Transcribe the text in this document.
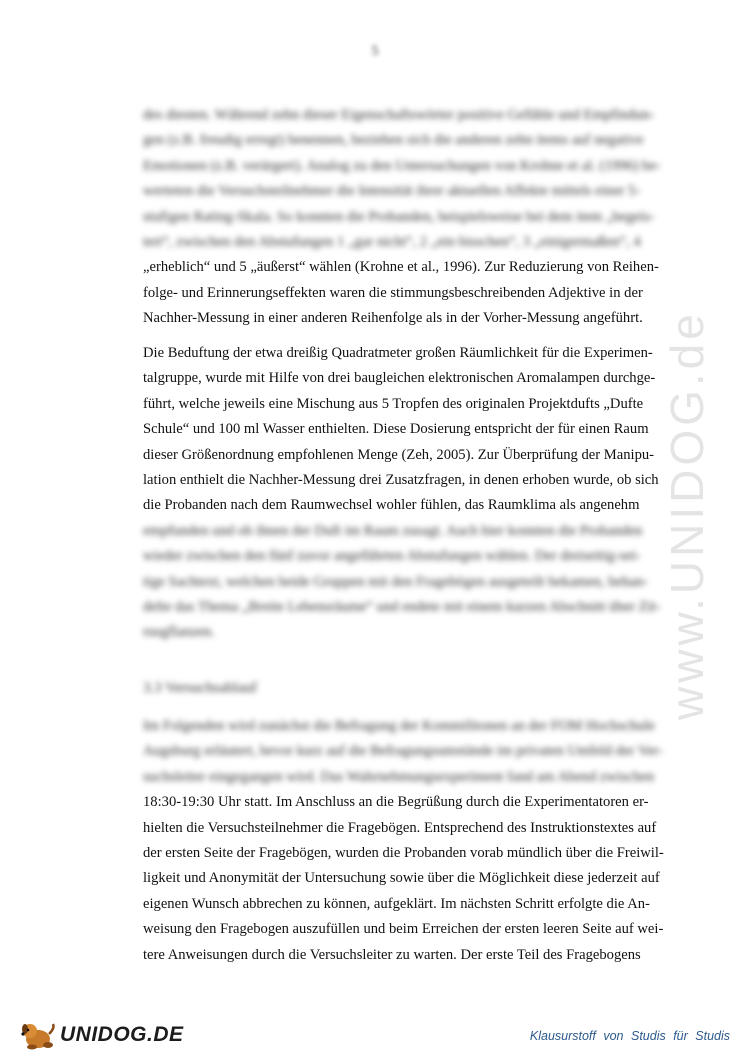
5
www.UNIDOG.de
des diesten. Während zehn dieser Eigenschaftswörter positive Gefühle und Empfindun-
gen (z.B. freudig erregt) benennen, beziehen sich die anderen zehn items auf negative
Emotionen (z.B. verärgert). Analog zu den Untersuchungen von Krohne et al. (1996) be-
werteten die Versuchsteilnehmer die Intensität ihrer aktuellen Affekte mittels einer 5-
stufigen Rating-Skala. So konnten die Probanden, beispielsweise bei dem item „begeis-
tert“, zwischen den Abstufungen 1 „gar nicht“, 2 „ein bisschen“, 3 „einigermaßen“, 4
„erheblich“ und 5 „äußerst“ wählen (Krohne et al., 1996). Zur Reduzierung von Reihen-
folge- und Erinnerungseffekten waren die stimmungsbeschreibenden Adjektive in der
Nachher-Messung in einer anderen Reihenfolge als in der Vorher-Messung angeführt.
Die Beduftung der etwa dreißig Quadratmeter großen Räumlichkeit für die Experimen-
talgruppe, wurde mit Hilfe von drei baugleichen elektronischen Aromalampen durchge-
führt, welche jeweils eine Mischung aus 5 Tropfen des originalen Projektdufts „Dufte
Schule“ und 100 ml Wasser enthielten. Diese Dosierung entspricht der für einen Raum
dieser Größenordnung empfohlenen Menge (Zeh, 2005). Zur Überprüfung der Manipu-
lation enthielt die Nachher-Messung drei Zusatzfragen, in denen erhoben wurde, ob sich
die Probanden nach dem Raumwechsel wohler fühlen, das Raumklima als angenehm
empfunden und ob ihnen der Duft im Raum zusagt. Auch hier konnten die Probanden
wieder zwischen den fünf zuvor angeführten Abstufungen wählen. Der dreiseitig-sei-
tige Sachtext, welchen beide Gruppen mit den Fragebögen ausgeteilt bekamen, behan-
delte das Thema „Breite Lebensräume“ und endete mit einem kurzen Abschnitt über Zit-
rusgflanzen.
3.3 Versuchsablauf
Im Folgenden wird zunächst die Befragung der Kommilitonen an der FOM Hochschule
Augsburg erläutert, bevor kurz auf die Befragungsumstände im privaten Umfeld der Ver-
suchsleiter eingegangen wird. Das Wahrnehmungsexperiment fand am Abend zwischen
18:30-19:30 Uhr statt. Im Anschluss an die Begrüßung durch die Experimentatoren er-
hielten die Versuchsteilnehmer die Fragebögen. Entsprechend des Instruktionstextes auf
der ersten Seite der Fragebögen, wurden die Probanden vorab mündlich über die Freiwil-
ligkeit und Anonymität der Untersuchung sowie über die Möglichkeit diese jederzeit auf
eigenen Wunsch abbrechen zu können, aufgeklärt. Im nächsten Schritt erfolgte die An-
weisung den Fragebogen auszufüllen und beim Erreichen der ersten leeren Seite auf wei-
tere Anweisungen durch die Versuchsleiter zu warten. Der erste Teil des Fragebogens
UNIDOG.DE	Klausurstoff von Studis für Studis
